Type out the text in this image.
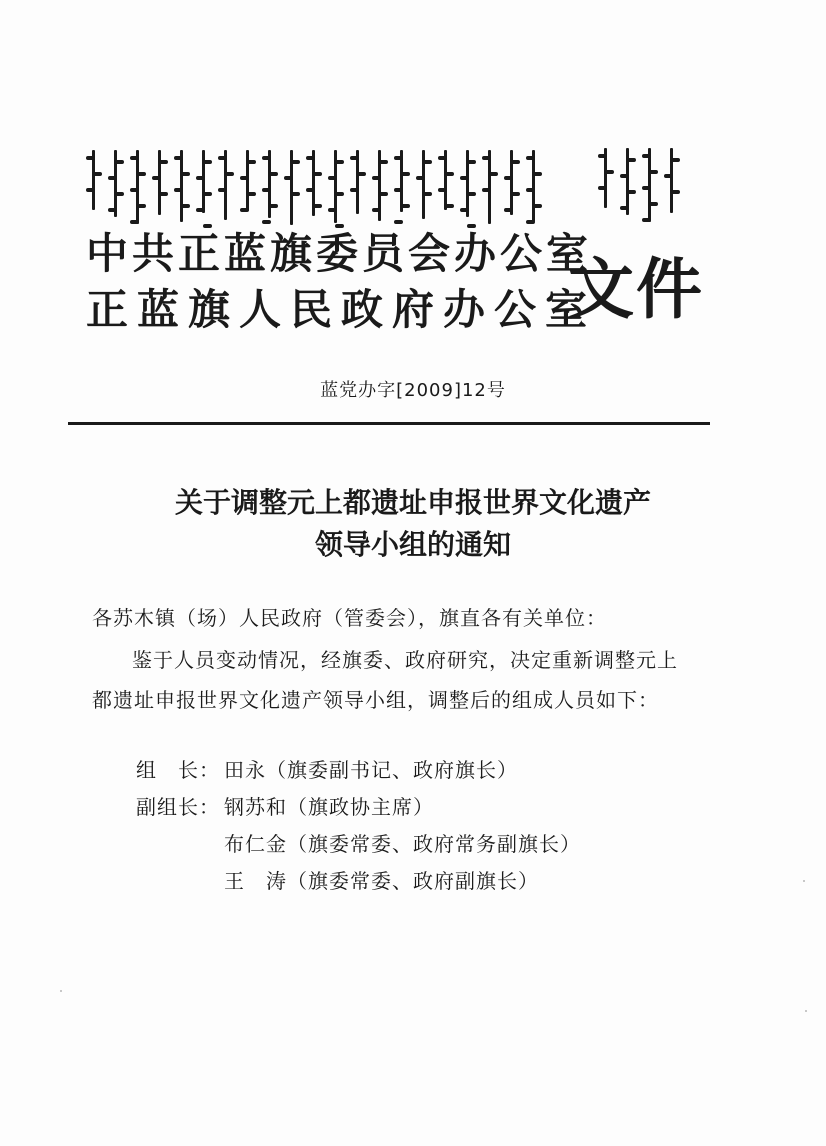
中共正蓝旗委员会办公室
正蓝旗人民政府办公室
文件
蓝党办字[2009]12号
关于调整元上都遗址申报世界文化遗产
领导小组的通知
各苏木镇（场）人民政府（管委会），旗直各有关单位：
鉴于人员变动情况，经旗委、政府研究，决定重新调整元上都遗址申报世界文化遗产领导小组，调整后的组成人员如下：
组　长： 田永（旗委副书记、政府旗长）
副组长： 钢苏和（旗政协主席）
布仁金（旗委常委、政府常务副旗长）
王　涛（旗委常委、政府副旗长）
